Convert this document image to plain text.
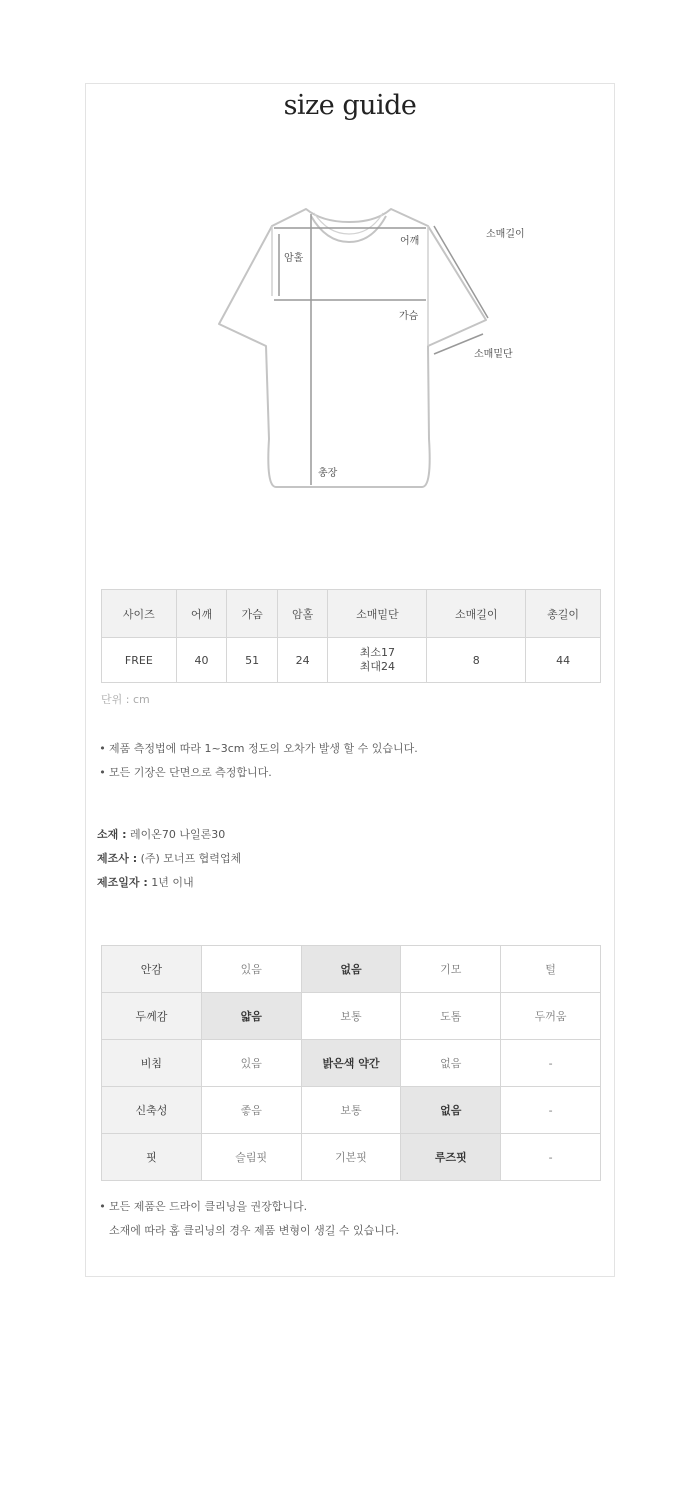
size guide
소매길이
어깨
암홀
가슴
소매밑단
총장
사이즈	어깨	가슴	암홀	소매밑단	소매길이	총길이
FREE	40	51	24	최소17
최대24	8	44
단위 : cm
• 제품 측정법에 따라 1~3cm 정도의 오차가 발생 할 수 있습니다.
• 모든 기장은 단면으로 측정합니다.
소재 : 레이온70 나일론30
제조사 : (주) 모너프 협력업체
제조일자 : 1년 이내
안감	있음	없음	기모	털
두께감	얇음	보통	도톰	두꺼움
비침	있음	밝은색 약간	없음	-
신축성	좋음	보통	없음	-
핏	슬림핏	기본핏	루즈핏	-
• 모든 제품은 드라이 클리닝을 권장합니다.
소재에 따라 홈 클리닝의 경우 제품 변형이 생길 수 있습니다.
